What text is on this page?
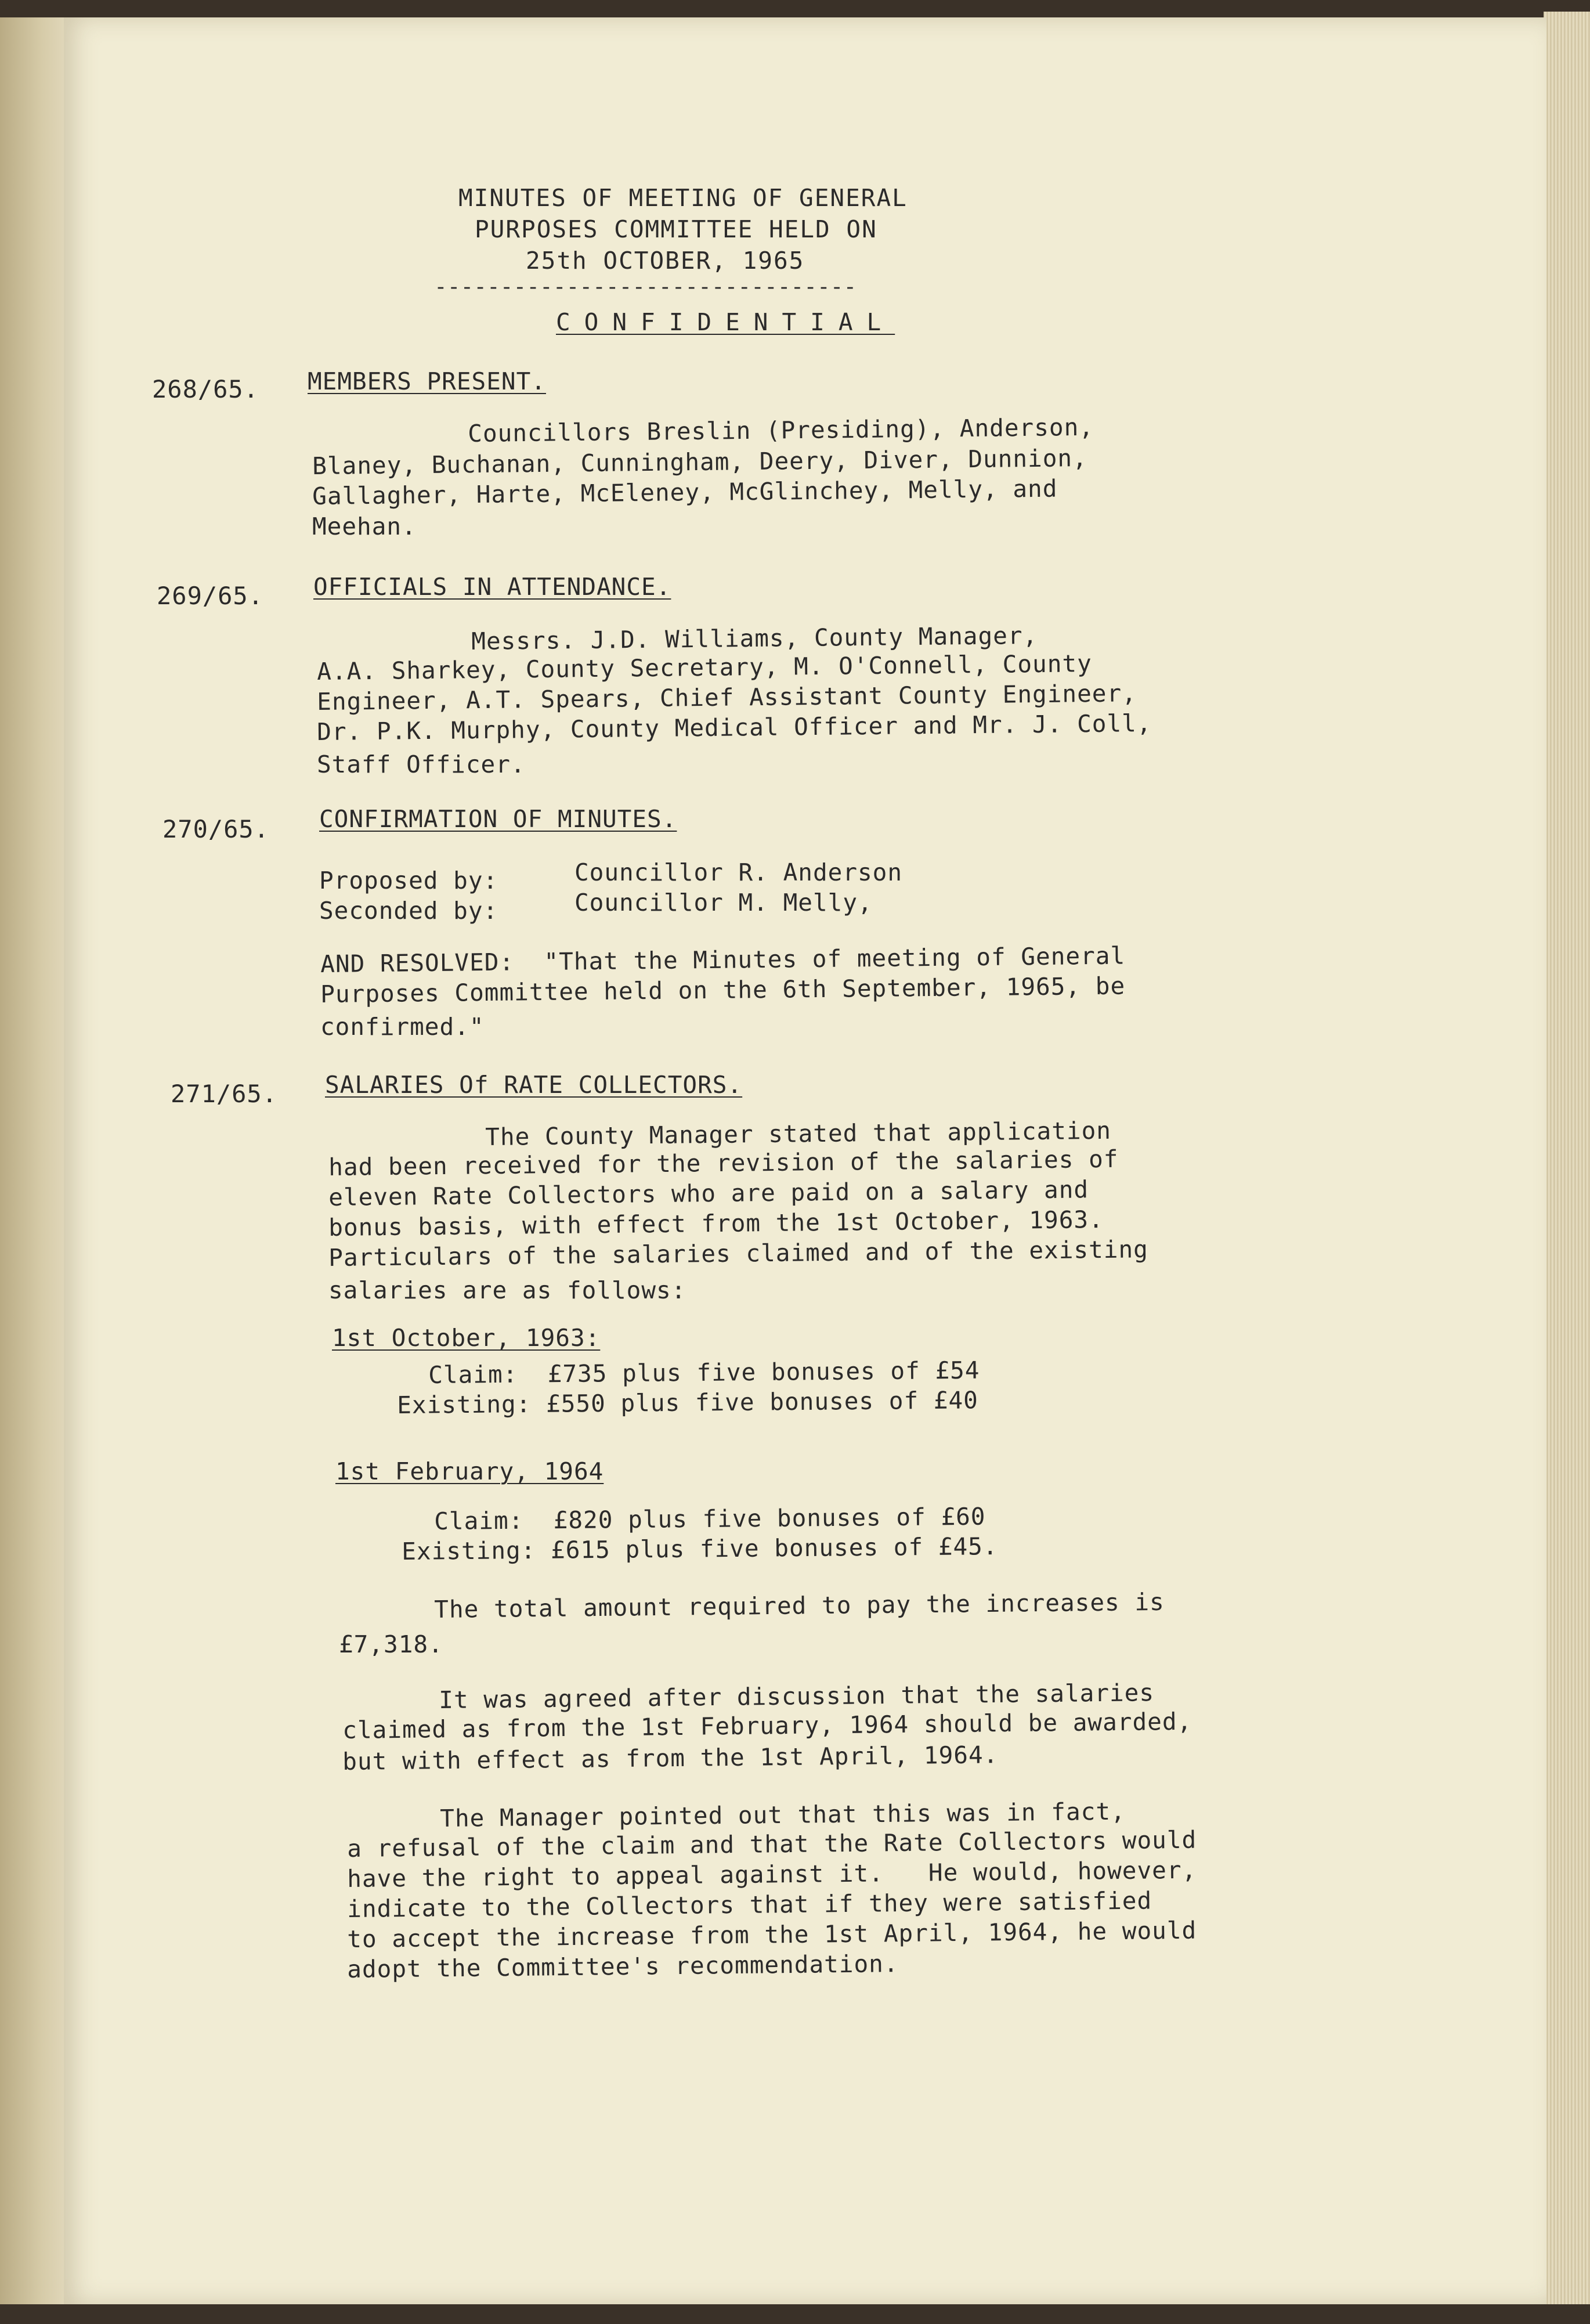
MINUTES OF MEETING OF GENERAL
PURPOSES COMMITTEE HELD ON
25th OCTOBER, 1965
--------------------------------
CONFIDENTIAL
268/65. MEMBERS PRESENT.
Councillors Breslin (Presiding), Anderson,
Blaney, Buchanan, Cunningham, Deery, Diver, Dunnion,
Gallagher, Harte, McEleney, McGlinchey, Melly, and
Meehan.
269/65. OFFICIALS IN ATTENDANCE.
Messrs. J.D. Williams, County Manager,
A.A. Sharkey, County Secretary, M. O'Connell, County
Engineer, A.T. Spears, Chief Assistant County Engineer,
Dr. P.K. Murphy, County Medical Officer and Mr. J. Coll,
Staff Officer.
270/65. CONFIRMATION OF MINUTES.
Proposed by:	Councillor R. Anderson
Seconded by:	Councillor M. Melly,
AND RESOLVED:  "That the Minutes of meeting of General
Purposes Committee held on the 6th September, 1965, be
confirmed."
271/65. SALARIES Of RATE COLLECTORS.
The County Manager stated that application
had been received for the revision of the salaries of
eleven Rate Collectors who are paid on a salary and
bonus basis, with effect from the 1st October, 1963.
Particulars of the salaries claimed and of the existing
salaries are as follows:
1st October, 1963:
Claim:  £735 plus five bonuses of £54
Existing: £550 plus five bonuses of £40
1st February, 1964
Claim:  £820 plus five bonuses of £60
Existing: £615 plus five bonuses of £45.
The total amount required to pay the increases is
£7,318.
It was agreed after discussion that the salaries
claimed as from the 1st February, 1964 should be awarded,
but with effect as from the 1st April, 1964.
The Manager pointed out that this was in fact,
a refusal of the claim and that the Rate Collectors would
have the right to appeal against it.   He would, however,
indicate to the Collectors that if they were satisfied
to accept the increase from the 1st April, 1964, he would
adopt the Committee's recommendation.
